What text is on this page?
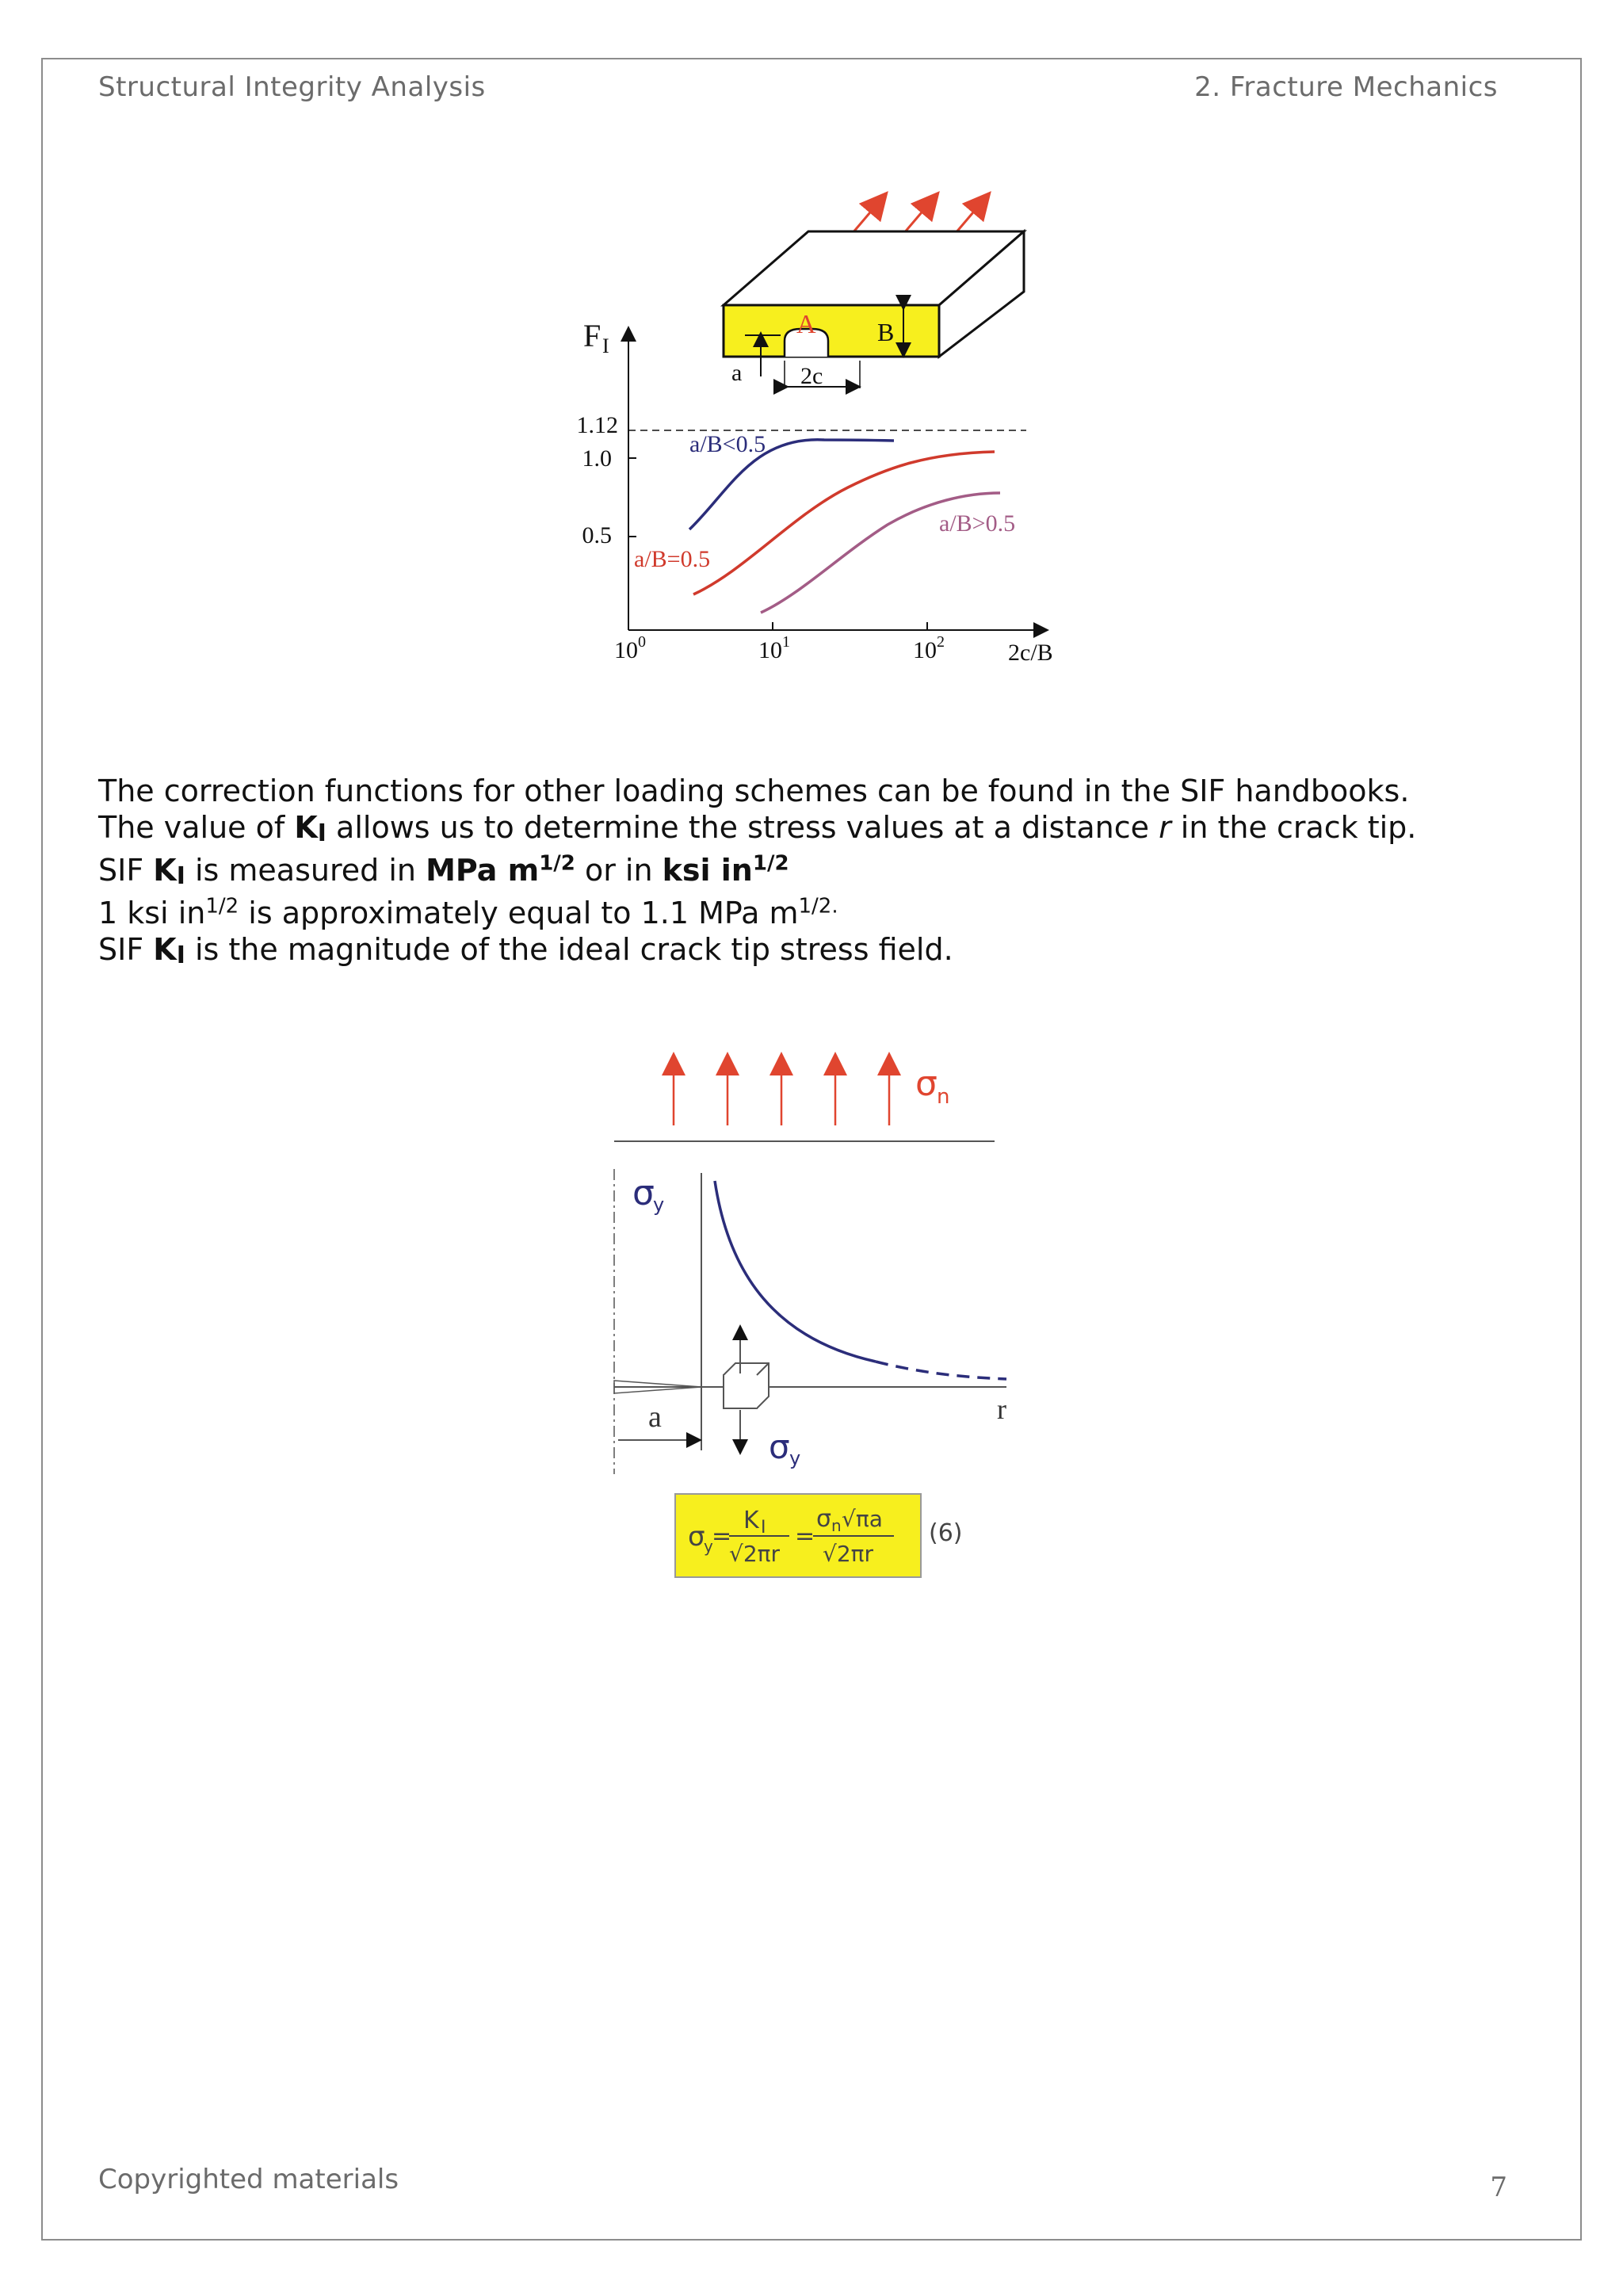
Structural Integrity Analysis	2. Fracture Mechanics
A B
a 2c
F I
1.12
1.0
0.5
10 0	10 1	10 2	2c/B
a/B<0.5
a/B=0.5
a/B>0.5
The correction functions for other loading schemes can be found in the SIF handbooks.
The value of KI allows us to determine the stress values at a distance r in the crack tip.
SIF KI is measured in MPa $m^{1/2}$ or in ksi $in^{1/2}$
1 ksi $in^{1/2}$ is approximately equal to 1.1 MPa $m^{1/2.}$
SIF KI is the magnitude of the ideal crack tip stress field.
σ n
σ
y
σ y
a	r
σ
y
=
K I
√2πr
=
σ n √πa
√2πr
(6)
Copyrighted materials	7
